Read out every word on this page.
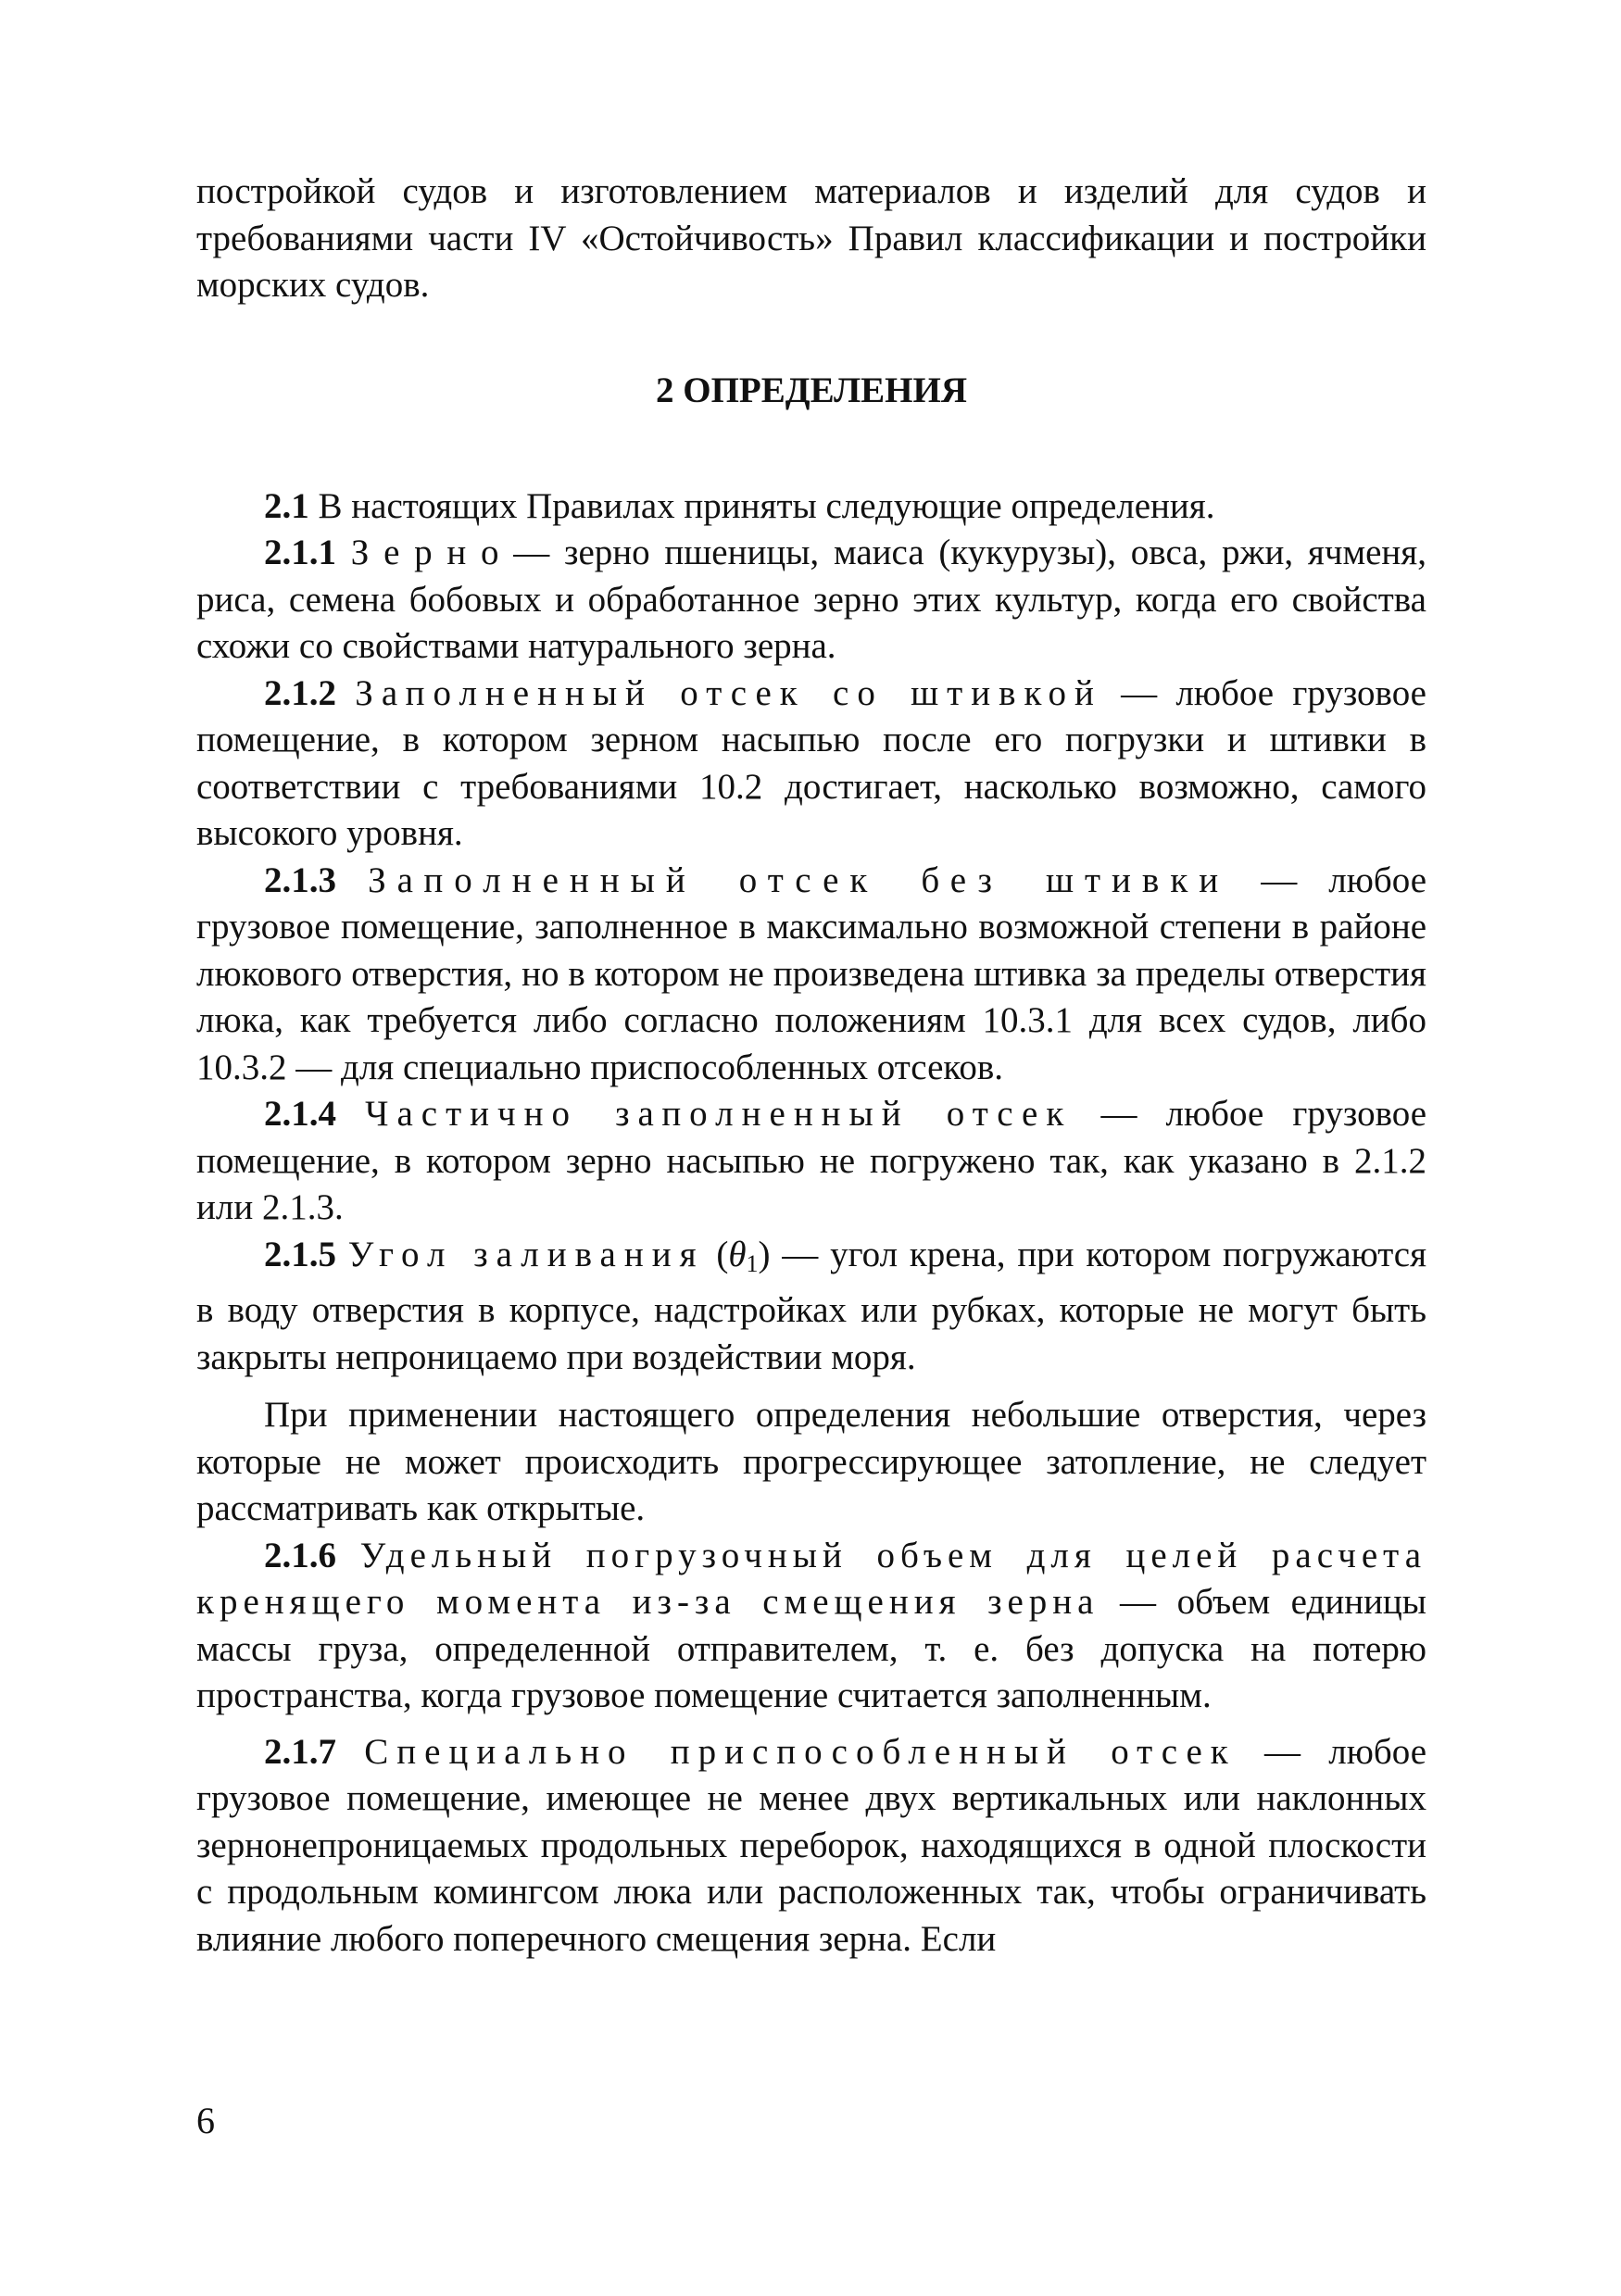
постройкой судов и изготовлением материалов и изделий для судов и требованиями части IV «Остойчивость» Правил классификации и постройки морских судов.

2 ОПРЕДЕЛЕНИЯ

2.1 В настоящих Правилах приняты следующие определения.

2.1.1 З е р н о — зерно пшеницы, маиса (кукурузы), овса, ржи, ячменя, риса, семена бобовых и обработанное зерно этих культур, когда его свойства схожи со свойствами натурального зерна.

2.1.2 Заполненный отсек со штивкой — любое грузовое помещение, в котором зерном насыпью после его погрузки и штивки в соответствии с требованиями 10.2 достигает, насколько возможно, самого высокого уровня.

2.1.3 Заполненный отсек без штивки — любое грузовое помещение, заполненное в максимально возможной степени в районе люкового отверстия, но в котором не произведена штивка за пределы отверстия люка, как требуется либо согласно положениям 10.3.1 для всех судов, либо 10.3.2 — для специально приспособленных отсеков.

2.1.4 Частично заполненный отсек — любое грузовое помещение, в котором зерно насыпью не погружено так, как указано в 2.1.2 или 2.1.3.

2.1.5 Угол заливания $(\theta_1)$ — угол крена, при котором погружаются в воду отверстия в корпусе, надстройках или рубках, которые не могут быть закрыты непроницаемо при воздействии моря.

При применении настоящего определения небольшие отверстия, через которые не может происходить прогрессирующее затопление, не следует рассматривать как открытые.

2.1.6 Удельный погрузочный объем для целей расчета кренящего момента из-за смещения зерна — объем единицы массы груза, определенной отправителем, т. е. без допуска на потерю пространства, когда грузовое помещение считается заполненным.

2.1.7 Специально приспособленный отсек — любое грузовое помещение, имеющее не менее двух вертикальных или наклонных зернонепроницаемых продольных переборок, находящихся в одной плоскости с продольным комингсом люка или расположенных так, чтобы ограничивать влияние любого поперечного смещения зерна. Если

6
